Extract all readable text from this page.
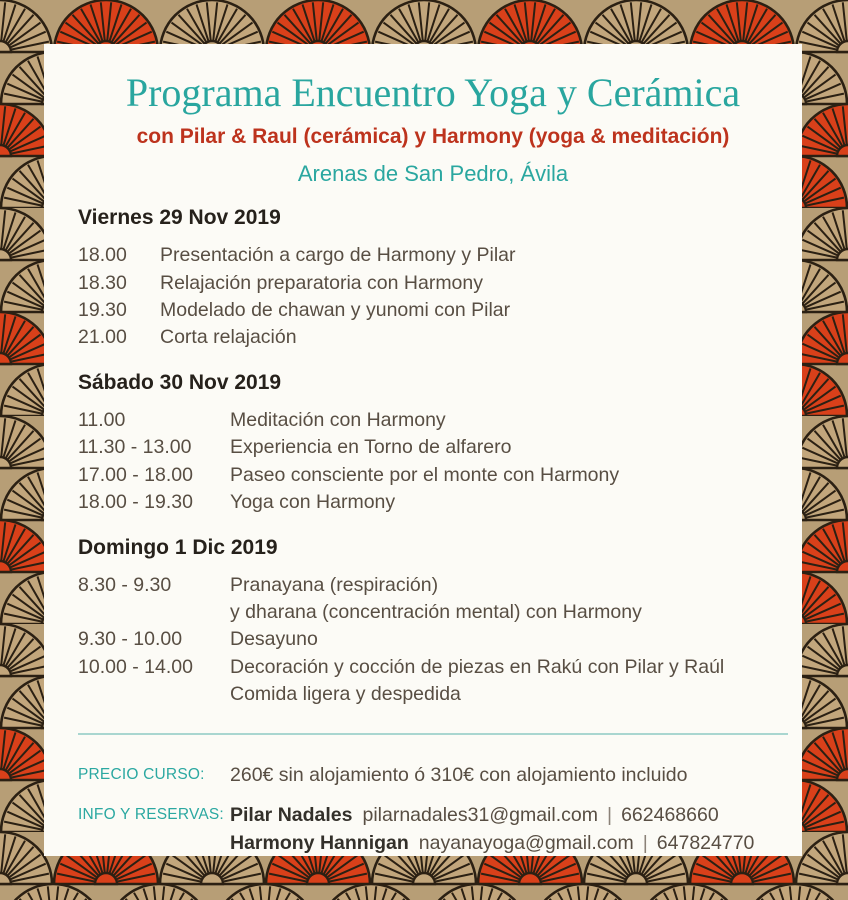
Programa Encuentro Yoga y Cerámica
con Pilar & Raul (cerámica) y Harmony (yoga & meditación)
Arenas de San Pedro, Ávila
Viernes 29 Nov 2019
18.00	Presentación a cargo de Harmony y Pilar
18.30	Relajación preparatoria con Harmony
19.30	Modelado de chawan y yunomi con Pilar
21.00	Corta relajación
Sábado 30 Nov 2019
11.00	Meditación con Harmony
11.30 - 13.00	Experiencia en Torno de alfarero
17.00 - 18.00	Paseo consciente por el monte con Harmony
18.00 - 19.30	Yoga con Harmony
Domingo 1 Dic 2019
8.30 - 9.30	Pranayana (respiración)
y dharana (concentración mental) con Harmony
9.30 - 10.00	Desayuno
10.00 - 14.00	Decoración y cocción de piezas en Rakú con Pilar y Raúl
Comida ligera y despedida
PRECIO CURSO:	260€ sin alojamiento ó 310€ con alojamiento incluido
INFO Y RESERVAS: Pilar Nadales pilarnadales31@gmail.com | 662468660
Harmony Hannigan nayanayoga@gmail.com | 647824770
